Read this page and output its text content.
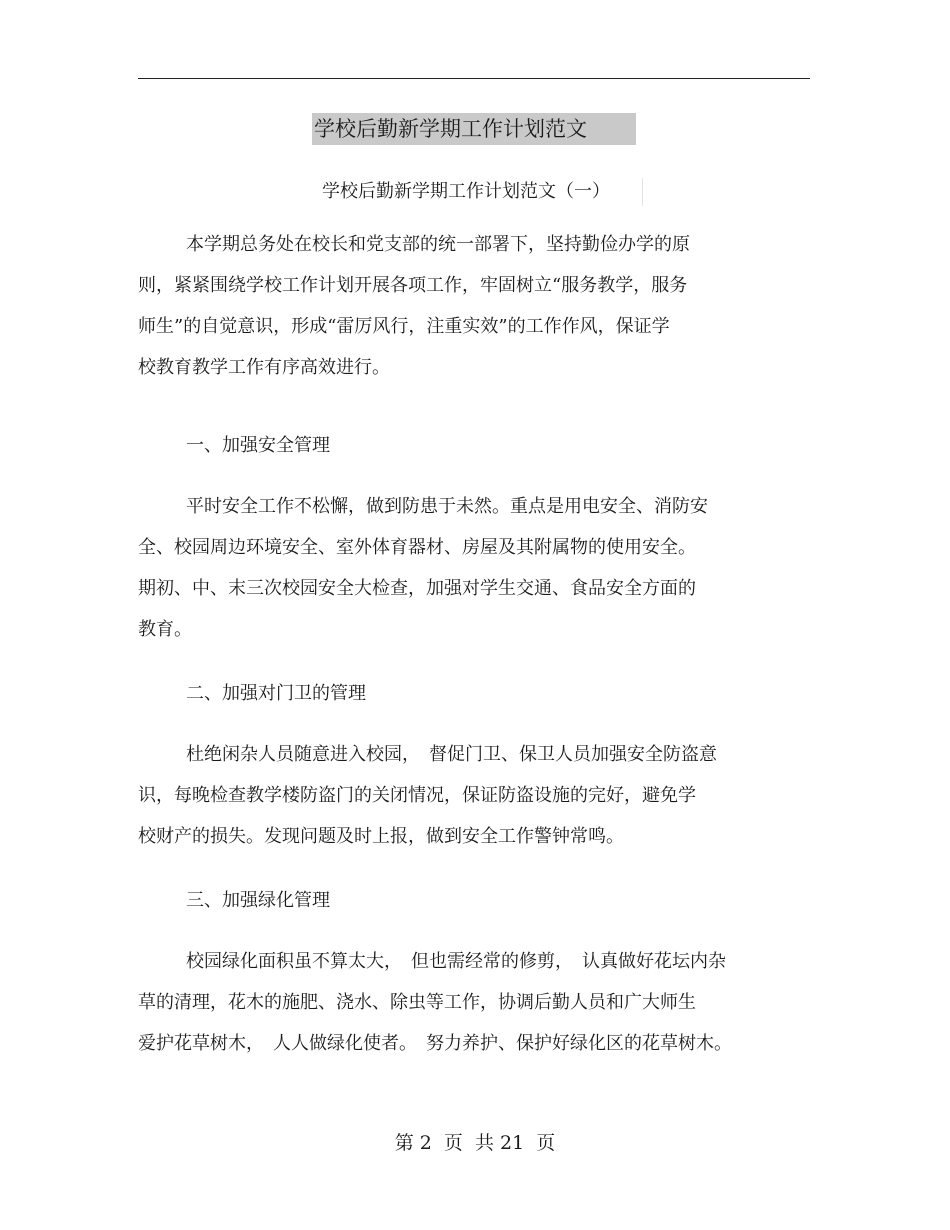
学校后勤新学期工作计划范文
学校后勤新学期工作计划范文（一）
本学期总务处在校长和党支部的统一部署下，坚持勤俭办学的原
则，紧紧围绕学校工作计划开展各项工作，牢固树立“服务教学，服务
师生”的自觉意识，形成“雷厉风行，注重实效”的工作作风，保证学
校教育教学工作有序高效进行。
一、加强安全管理
平时安全工作不松懈，做到防患于未然。重点是用电安全、消防安
全、校园周边环境安全、室外体育器材、房屋及其附属物的使用安全。
期初、中、末三次校园安全大检查，加强对学生交通、食品安全方面的
教育。
二、加强对门卫的管理
杜绝闲杂人员随意进入校园，　督促门卫、保卫人员加强安全防盗意
识，每晚检查教学楼防盗门的关闭情况，保证防盗设施的完好，避免学
校财产的损失。发现问题及时上报，做到安全工作警钟常鸣。
三、加强绿化管理
校园绿化面积虽不算太大，　但也需经常的修剪，　认真做好花坛内杂
草的清理，花木的施肥、浇水、除虫等工作，协调后勤人员和广大师生
爱护花草树木，　人人做绿化使者。　努力养护、保护好绿化区的花草树木。
第 2  页  共 21  页
